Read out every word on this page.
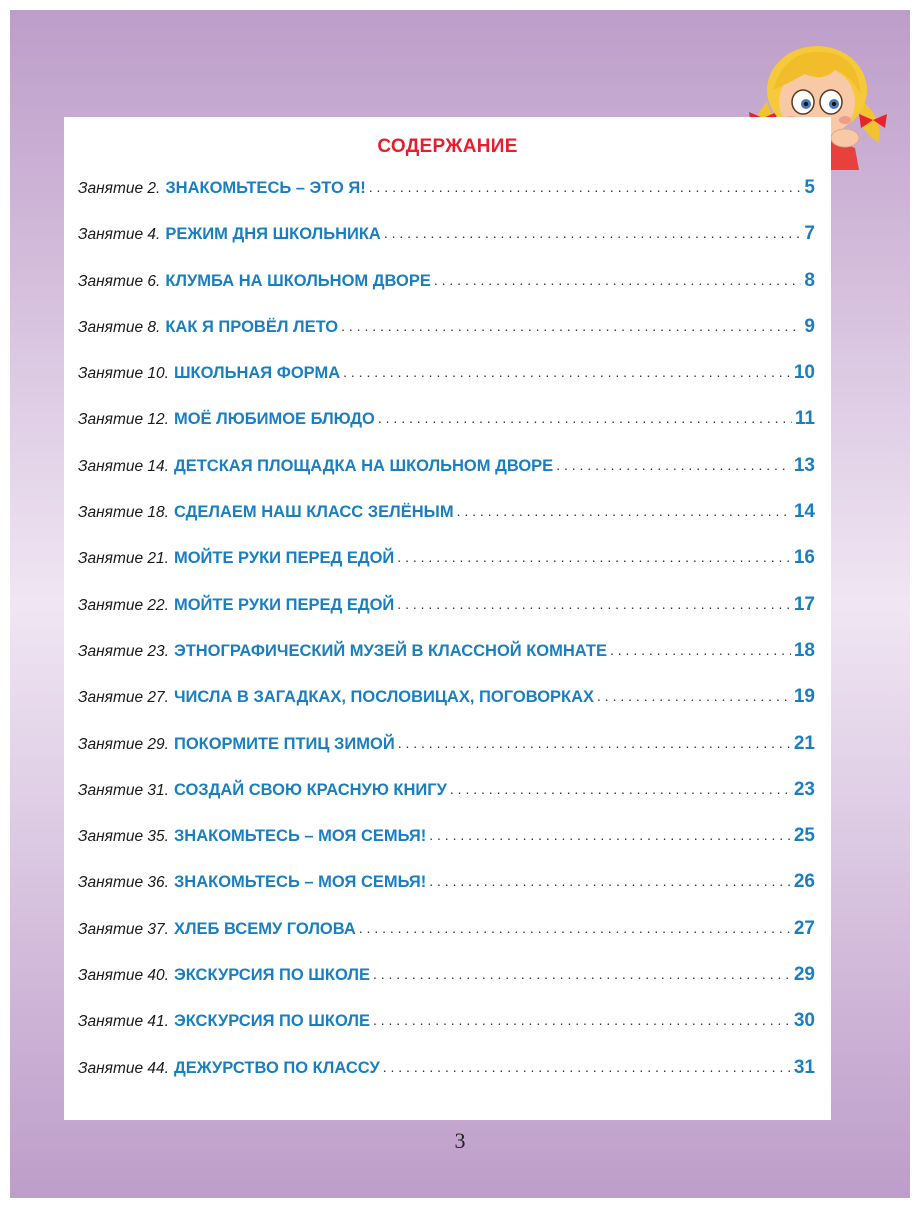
СОДЕРЖАНИЕ
Занятие 2. ЗНАКОМЬТЕСЬ – ЭТО Я! . . .	5
Занятие 4. РЕЖИМ ДНЯ ШКОЛЬНИКА . . .	7
Занятие 6. КЛУМБА НА ШКОЛЬНОМ ДВОРЕ . . .	8
Занятие 8. КАК Я ПРОВЁЛ ЛЕТО . . .	9
Занятие 10. ШКОЛЬНАЯ ФОРМА . . .	10
Занятие 12. МОЁ ЛЮБИМОЕ БЛЮДО . . .	11
Занятие 14. ДЕТСКАЯ ПЛОЩАДКА НА ШКОЛЬНОМ ДВОРЕ . . .	13
Занятие 18. СДЕЛАЕМ НАШ КЛАСС ЗЕЛЁНЫМ . . .	14
Занятие 21. МОЙТЕ РУКИ ПЕРЕД ЕДОЙ . . .	16
Занятие 22. МОЙТЕ РУКИ ПЕРЕД ЕДОЙ . . .	17
Занятие 23. ЭТНОГРАФИЧЕСКИЙ МУЗЕЙ В КЛАССНОЙ КОМНАТЕ . . .	18
Занятие 27. ЧИСЛА В ЗАГАДКАХ, ПОСЛОВИЦАХ, ПОГОВОРКАХ . . .	19
Занятие 29. ПОКОРМИТЕ ПТИЦ ЗИМОЙ . . .	21
Занятие 31. СОЗДАЙ СВОЮ КРАСНУЮ КНИГУ . . .	23
Занятие 35. ЗНАКОМЬТЕСЬ – МОЯ СЕМЬЯ! . . .	25
Занятие 36. ЗНАКОМЬТЕСЬ – МОЯ СЕМЬЯ! . . .	26
Занятие 37. ХЛЕБ ВСЕМУ ГОЛОВА . . .	27
Занятие 40. ЭКСКУРСИЯ ПО ШКОЛЕ . . .	29
Занятие 41. ЭКСКУРСИЯ ПО ШКОЛЕ . . .	30
Занятие 44. ДЕЖУРСТВО ПО КЛАССУ . . .	31
3
